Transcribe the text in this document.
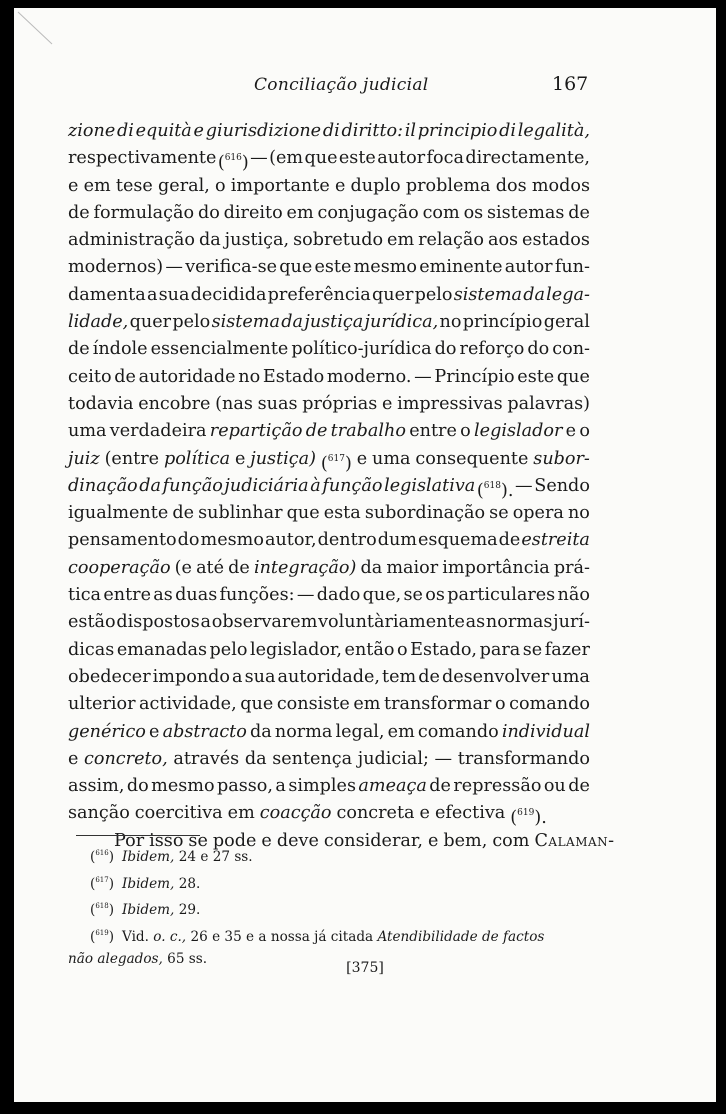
Conciliação judicial	167
zione di equità e giurisdizione di diritto: il principio di legalità,
respectivamente ($^{616}$) — (em que este autor foca directamente,
e em tese geral, o importante e duplo problema dos modos
de formulação do direito em conjugação com os sistemas de
administração da justiça, sobretudo em relação aos estados
modernos) — verifica-se que este mesmo eminente autor fun-
damenta a sua decidida preferência quer pelo sistema da lega-
lidade, quer pelo sistema da justiça jurídica, no princípio geral
de índole essencialmente político-jurídica do reforço do con-
ceito de autoridade no Estado moderno. — Princípio este que
todavia encobre (nas suas próprias e impressivas palavras)
uma verdadeira repartição de trabalho entre o legislador e o
juiz (entre política e justiça) ($^{617}$) e uma consequente subor-
dinação da função judiciária à função legislativa ($^{618}$). — Sendo
igualmente de sublinhar que esta subordinação se opera no
pensamento do mesmo autor, dentro dum esquema de estreita
cooperação (e até de integração) da maior importância prá-
tica entre as duas funções: — dado que, se os particulares não
estão dispostos a observarem voluntàriamente as normas jurí-
dicas emanadas pelo legislador, então o Estado, para se fazer
obedecer impondo a sua autoridade, tem de desenvolver uma
ulterior actividade, que consiste em transformar o comando
genérico e abstracto da norma legal, em comando individual
e concreto, através da sentença judicial; — transformando
assim, do mesmo passo, a simples ameaça de repressão ou de
sanção coercitiva em coacção concreta e efectiva ($^{619}$).
Por isso se pode e deve considerar, e bem, com Calaman-
($^{616}$) Ibidem, 24 e 27 ss.
($^{617}$) Ibidem, 28.
($^{618}$) Ibidem, 29.
($^{619}$) Vid. o. c., 26 e 35 e a nossa já citada Atendibilidade de factos
não alegados, 65 ss.
[375]
